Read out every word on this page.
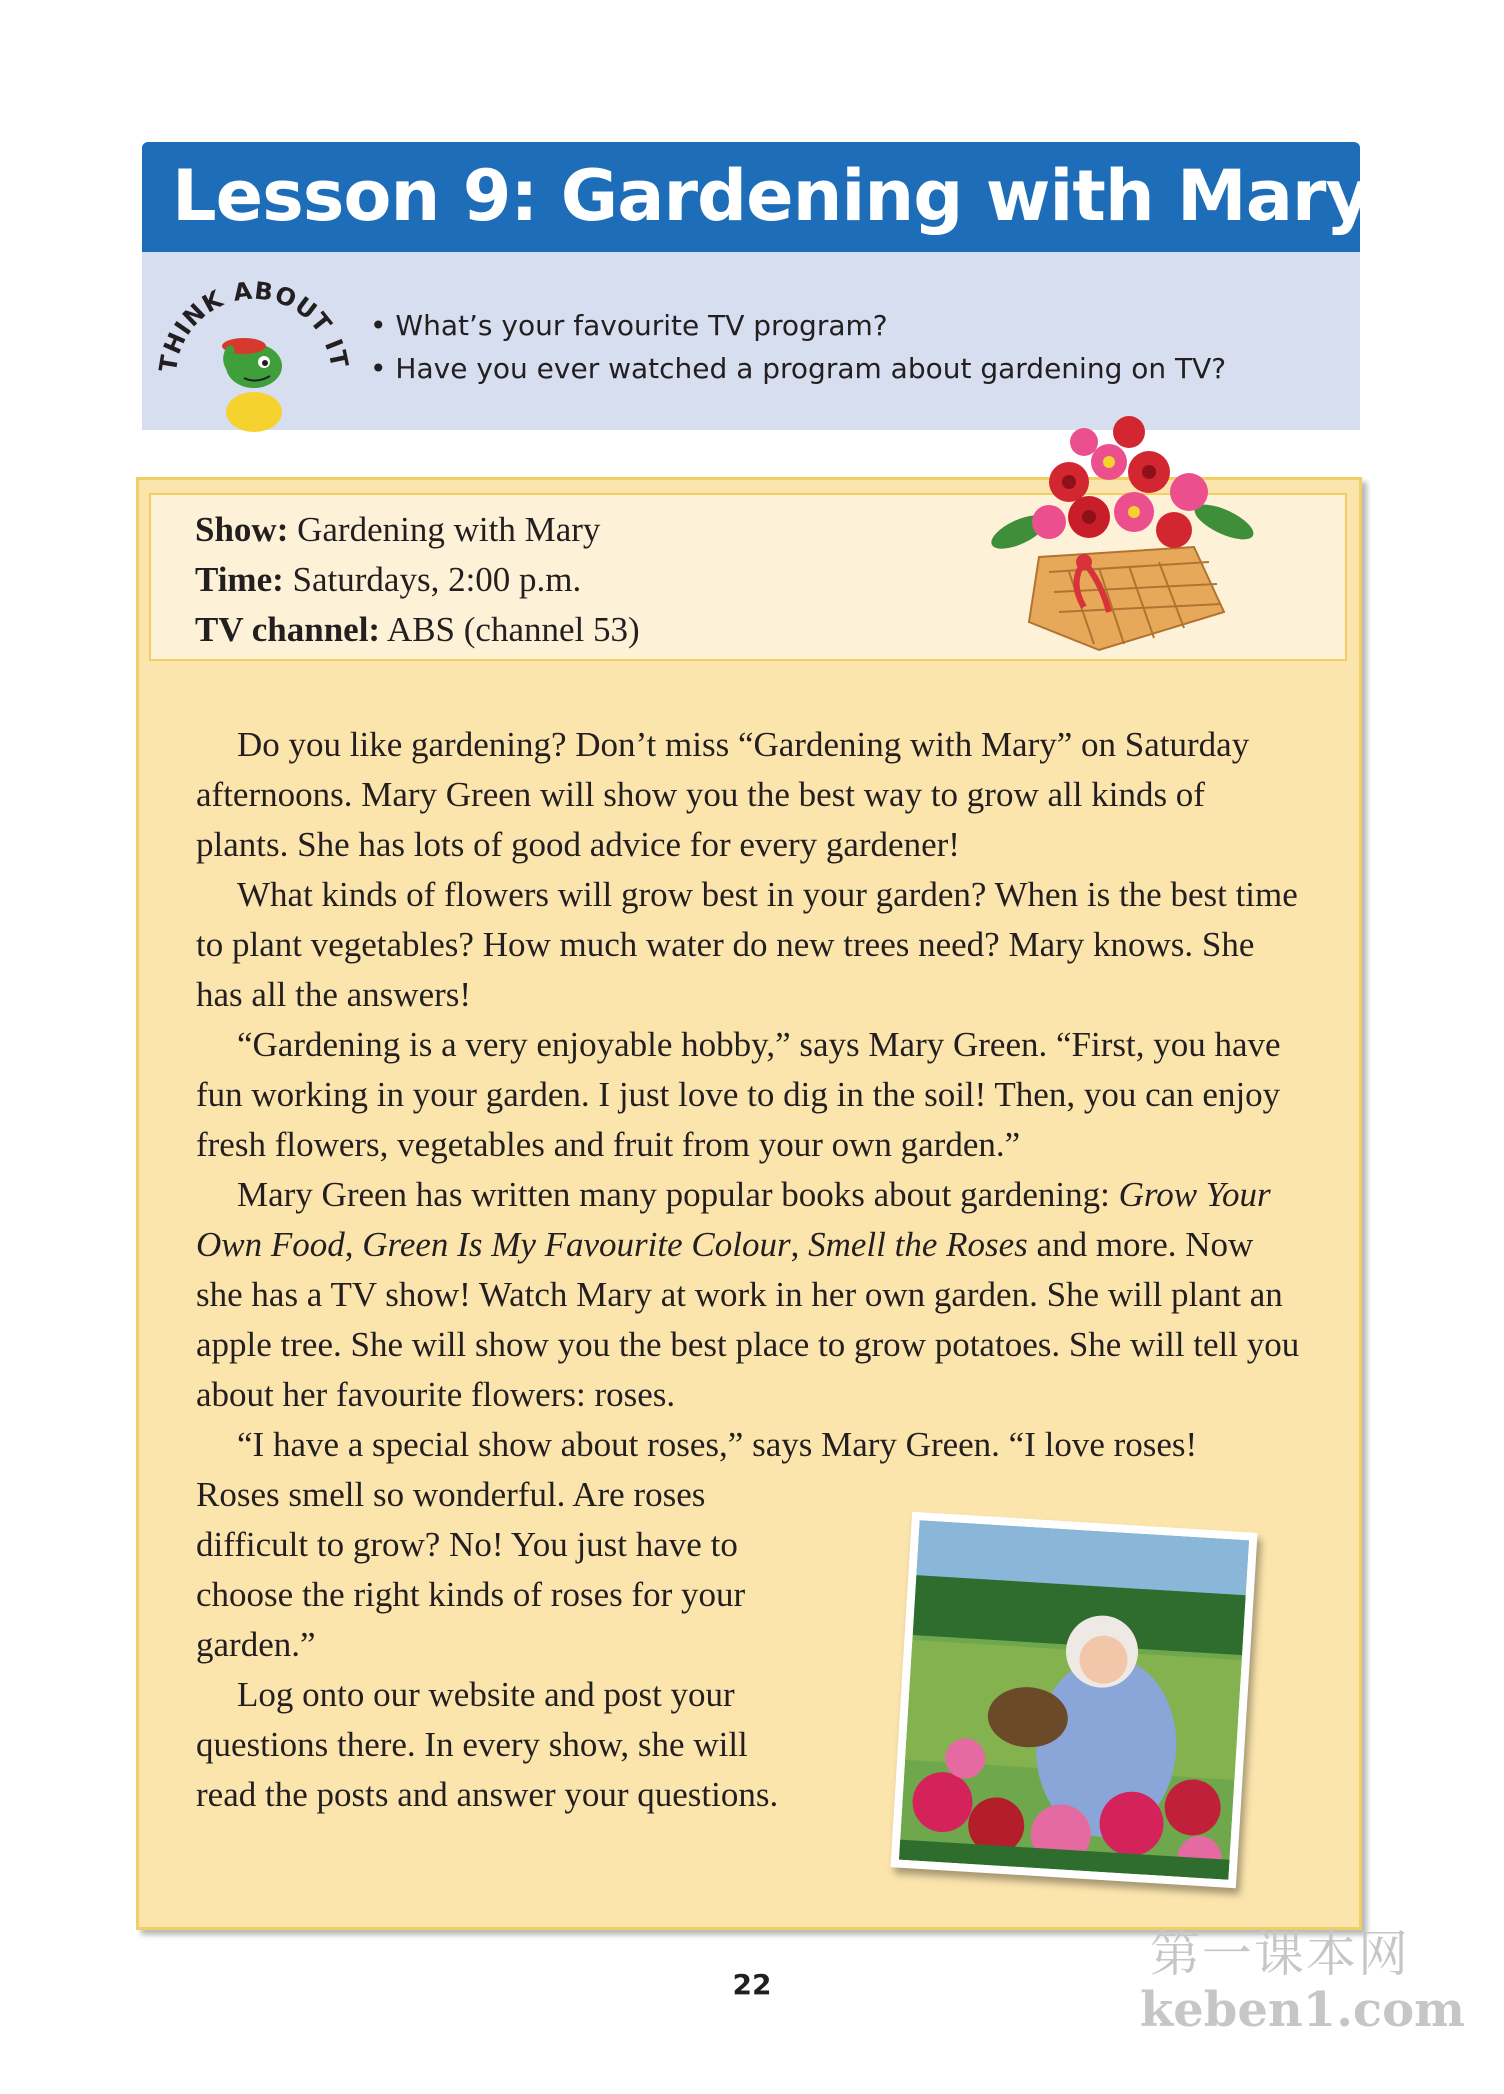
Lesson 9: Gardening with Mary
THINK ABOUT IT
• What’s your favourite TV program?
• Have you ever watched a program about gardening on TV?
Show: Gardening with Mary
Time: Saturdays, 2:00 p.m.
TV channel: ABS (channel 53)

Do you like gardening? Don’t miss “Gardening with Mary” on Saturday afternoons. Mary Green will show you the best way to grow all kinds of plants. She has lots of good advice for every gardener!

What kinds of flowers will grow best in your garden? When is the best time to plant vegetables? How much water do new trees need? Mary knows. She has all the answers!

“Gardening is a very enjoyable hobby,” says Mary Green. “First, you have fun working in your garden. I just love to dig in the soil! Then, you can enjoy fresh flowers, vegetables and fruit from your own garden.”

Mary Green has written many popular books about gardening: Grow Your Own Food, Green Is My Favourite Colour, Smell the Roses and more. Now she has a TV show! Watch Mary at work in her own garden. She will plant an apple tree. She will show you the best place to grow potatoes. She will tell you about her favourite flowers: roses.

“I have a special show about roses,” says Mary Green. “I love roses!

Roses smell so wonderful. Are roses difficult to grow? No! You just have to choose the right kinds of roses for your garden.”

Log onto our website and post your questions there. In every show, she will read the posts and answer your questions.

22
第一课本网
keben1.com
